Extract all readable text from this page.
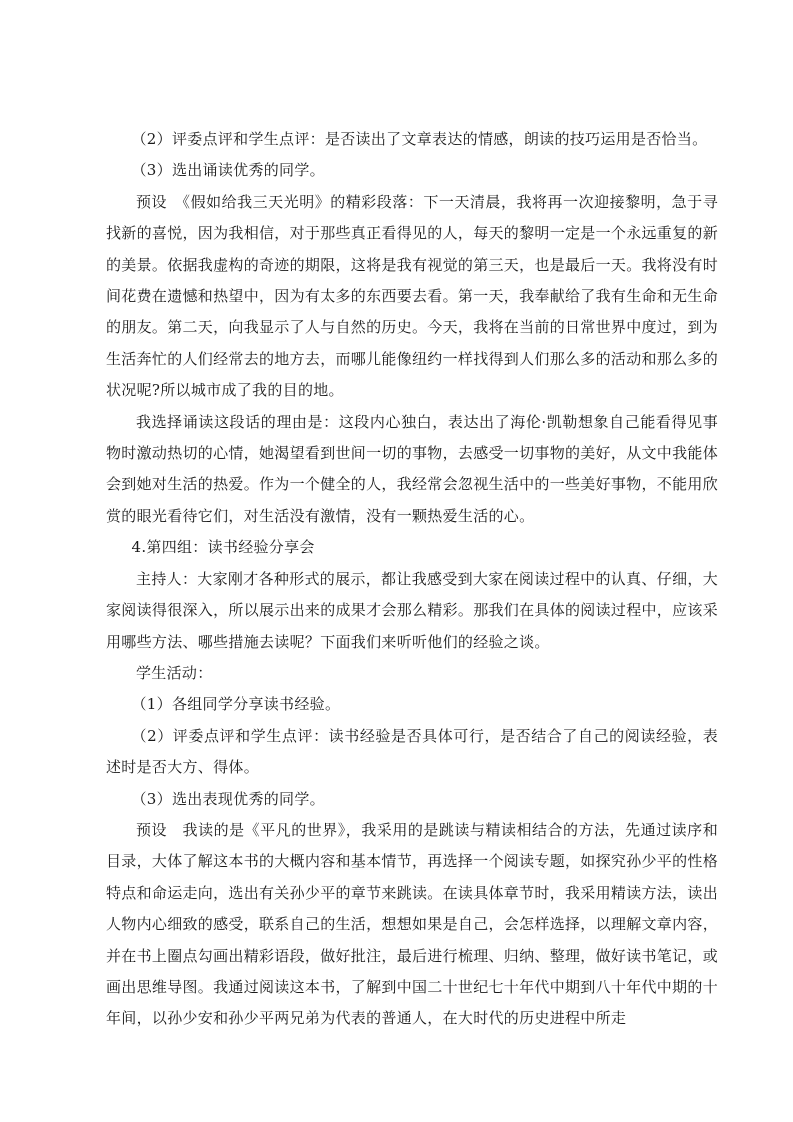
（2）评委点评和学生点评：是否读出了文章表达的情感，朗读的技巧运用是否恰当。

（3）选出诵读优秀的同学。

预设　《假如给我三天光明》的精彩段落：下一天清晨，我将再一次迎接黎明，急于寻找新的喜悦，因为我相信，对于那些真正看得见的人，每天的黎明一定是一个永远重复的新的美景。依据我虚构的奇迹的期限，这将是我有视觉的第三天，也是最后一天。我将没有时间花费在遗憾和热望中，因为有太多的东西要去看。第一天，我奉献给了我有生命和无生命的朋友。第二天，向我显示了人与自然的历史。今天，我将在当前的日常世界中度过，到为生活奔忙的人们经常去的地方去，而哪儿能像纽约一样找得到人们那么多的活动和那么多的状况呢?所以城市成了我的目的地。

我选择诵读这段话的理由是：这段内心独白，表达出了海伦·凯勒想象自己能看得见事物时激动热切的心情，她渴望看到世间一切的事物，去感受一切事物的美好，从文中我能体会到她对生活的热爱。作为一个健全的人，我经常会忽视生活中的一些美好事物，不能用欣赏的眼光看待它们，对生活没有激情，没有一颗热爱生活的心。

4.第四组：读书经验分享会

主持人：大家刚才各种形式的展示，都让我感受到大家在阅读过程中的认真、仔细，大家阅读得很深入，所以展示出来的成果才会那么精彩。那我们在具体的阅读过程中，应该采用哪些方法、哪些措施去读呢？下面我们来听听他们的经验之谈。

学生活动：

（1）各组同学分享读书经验。

（2）评委点评和学生点评：读书经验是否具体可行，是否结合了自己的阅读经验，表述时是否大方、得体。

（3）选出表现优秀的同学。

预设　我读的是《平凡的世界》，我采用的是跳读与精读相结合的方法，先通过读序和目录，大体了解这本书的大概内容和基本情节，再选择一个阅读专题，如探究孙少平的性格特点和命运走向，选出有关孙少平的章节来跳读。在读具体章节时，我采用精读方法，读出人物内心细致的感受，联系自己的生活，想想如果是自己，会怎样选择，以理解文章内容，并在书上圈点勾画出精彩语段，做好批注，最后进行梳理、归纳、整理，做好读书笔记，或画出思维导图。我通过阅读这本书，了解到中国二十世纪七十年代中期到八十年代中期的十年间，以孙少安和孙少平两兄弟为代表的普通人，在大时代的历史进程中所走
